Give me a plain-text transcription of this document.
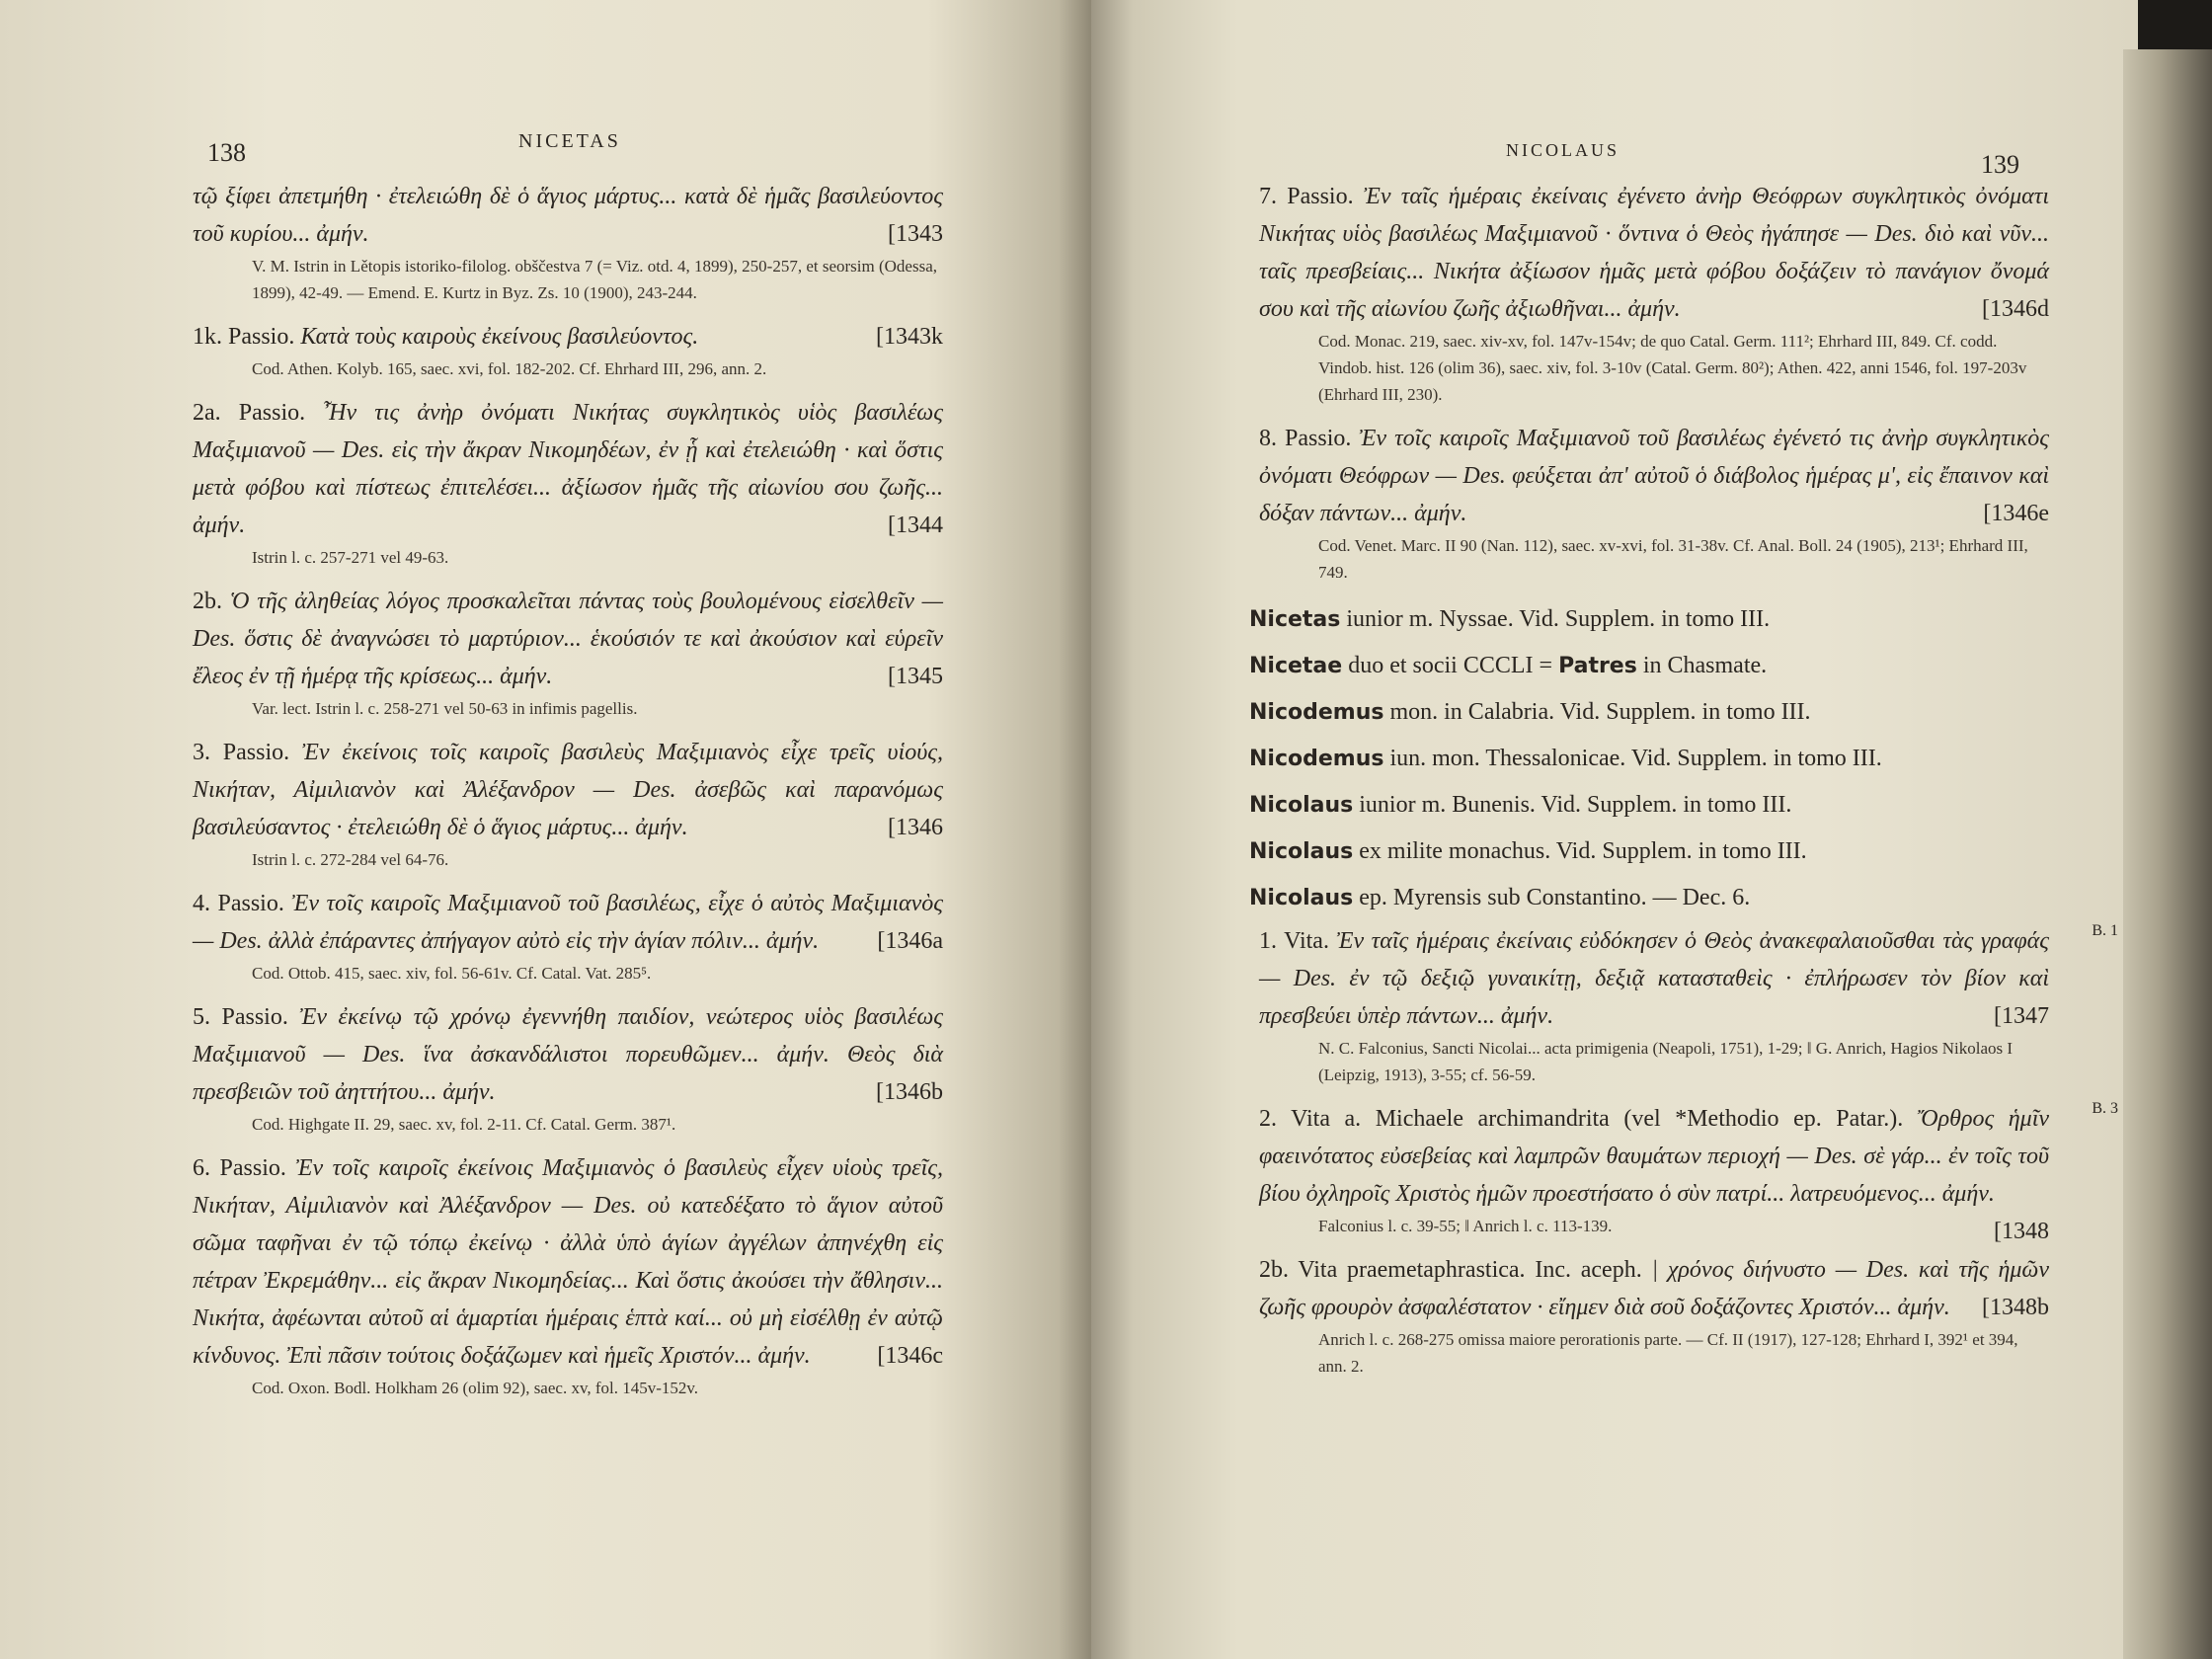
138	NICETAS
τῷ ξίφει ἀπετμήθη · ἐτελειώθη δὲ ὁ ἅγιος μάρτυς... κατὰ δὲ ἡμᾶς βασιλεύοντος τοῦ κυρίου... ἀμήν.	[1343
V. M. Istrin in Lětopis istoriko-filolog. obščestva 7 (= Viz. otd. 4, 1899), 250-257, et seorsim (Odessa, 1899), 42-49. — Emend. E. Kurtz in Byz. Zs. 10 (1900), 243-244.
1k. Passio. Κατὰ τοὺς καιροὺς ἐκείνους βασιλεύοντος.	[1343k
Cod. Athen. Kolyb. 165, saec. xvi, fol. 182-202. Cf. Ehrhard III, 296, ann. 2.
2a. Passio. Ἦν τις ἀνὴρ ὀνόματι Νικήτας συγκλητικὸς υἱὸς βασιλέως Μαξιμιανοῦ — Des. εἰς τὴν ἄκραν Νικομηδέων, ἐν ᾗ καὶ ἐτελειώθη · καὶ ὅστις μετὰ φόβου καὶ πίστεως ἐπιτελέσει... ἀξίωσον ἡμᾶς τῆς αἰωνίου σου ζωῆς... ἀμήν.	[1344
Istrin l. c. 257-271 vel 49-63.
2b. Ὁ τῆς ἀληθείας λόγος προσκαλεῖται πάντας τοὺς βουλομένους εἰσελθεῖν — Des. ὅστις δὲ ἀναγνώσει τὸ μαρτύριον... ἑκούσιόν τε καὶ ἀκούσιον καὶ εὑρεῖν ἔλεος ἐν τῇ ἡμέρᾳ τῆς κρίσεως... ἀμήν.	[1345
Var. lect. Istrin l. c. 258-271 vel 50-63 in infimis pagellis.
3. Passio. Ἐν ἐκείνοις τοῖς καιροῖς βασιλεὺς Μαξιμιανὸς εἶχε τρεῖς υἱούς, Νικήταν, Αἰμιλιανὸν καὶ Ἀλέξανδρον — Des. ἀσεβῶς καὶ παρανόμως βασιλεύσαντος · ἐτελειώθη δὲ ὁ ἅγιος μάρτυς... ἀμήν.	[1346
Istrin l. c. 272-284 vel 64-76.
4. Passio. Ἐν τοῖς καιροῖς Μαξιμιανοῦ τοῦ βασιλέως, εἶχε ὁ αὐτὸς Μαξιμιανὸς — Des. ἀλλὰ ἐπάραντες ἀπήγαγον αὐτὸ εἰς τὴν ἁγίαν πόλιν... ἀμήν. [1346a
Cod. Ottob. 415, saec. xiv, fol. 56-61v. Cf. Catal. Vat. 285⁵.
5. Passio. Ἐν ἐκείνῳ τῷ χρόνῳ ἐγεννήθη παιδίον, νεώτερος υἱὸς βασιλέως Μαξιμιανοῦ — Des. ἵνα ἀσκανδάλιστοι πορευθῶμεν... ἀμήν. Θεὸς διὰ πρεσβειῶν τοῦ ἀηττήτου... ἀμήν.	[1346b
Cod. Highgate II. 29, saec. xv, fol. 2-11. Cf. Catal. Germ. 387¹.
6. Passio. Ἐν τοῖς καιροῖς ἐκείνοις Μαξιμιανὸς ὁ βασιλεὺς εἶχεν υἱοὺς τρεῖς, Νικήταν, Αἰμιλιανὸν καὶ Ἀλέξανδρον — Des. οὐ κατεδέξατο τὸ ἅγιον αὐτοῦ σῶμα ταφῆναι ἐν τῷ τόπῳ ἐκείνῳ · ἀλλὰ ὑπὸ ἁγίων ἀγγέλων ἀπηνέχθη εἰς πέτραν Ἐκρεμάθην... εἰς ἄκραν Νικομηδείας... Καὶ ὅστις ἀκούσει τὴν ἄθλησιν... Νικήτα, ἀφέωνται αὐτοῦ αἱ ἁμαρτίαι ἡμέραις ἑπτὰ καί... οὐ μὴ εἰσέλθῃ ἐν αὐτῷ κίνδυνος. Ἐπὶ πᾶσιν τούτοις δοξάζωμεν καὶ ἡμεῖς Χριστόν... ἀμήν.	[1346c
Cod. Oxon. Bodl. Holkham 26 (olim 92), saec. xv, fol. 145v-152v.
NICOLAUS	139
7. Passio. Ἐν ταῖς ἡμέραις ἐκείναις ἐγένετο ἀνὴρ Θεόφρων συγκλητικὸς ὀνόματι Νικήτας υἱὸς βασιλέως Μαξιμιανοῦ · ὅντινα ὁ Θεὸς ἠγάπησε — Des. διὸ καὶ νῦν... ταῖς πρεσβείαις... Νικήτα ἀξίωσον ἡμᾶς μετὰ φόβου δοξάζειν τὸ πανάγιον ὄνομά σου καὶ τῆς αἰωνίου ζωῆς ἀξιωθῆναι... ἀμήν.	[1346d
Cod. Monac. 219, saec. xiv-xv, fol. 147v-154v; de quo Catal. Germ. 111²; Ehrhard III, 849. Cf. codd. Vindob. hist. 126 (olim 36), saec. xiv, fol. 3-10v (Catal. Germ. 80²); Athen. 422, anni 1546, fol. 197-203v (Ehrhard III, 230).
8. Passio. Ἐν τοῖς καιροῖς Μαξιμιανοῦ τοῦ βασιλέως ἐγένετό τις ἀνὴρ συγκλητικὸς ὀνόματι Θεόφρων — Des. φεύξεται ἀπ' αὐτοῦ ὁ διάβολος ἡμέρας μ', εἰς ἔπαινον καὶ δόξαν πάντων... ἀμήν.	[1346e
Cod. Venet. Marc. II 90 (Nan. 112), saec. xv-xvi, fol. 31-38v. Cf. Anal. Boll. 24 (1905), 213¹; Ehrhard III, 749.
Nicetas iunior m. Nyssae. Vid. Supplem. in tomo III.
Nicetae duo et socii CCCLI = Patres in Chasmate.
Nicodemus mon. in Calabria. Vid. Supplem. in tomo III.
Nicodemus iun. mon. Thessalonicae. Vid. Supplem. in tomo III.
Nicolaus iunior m. Bunenis. Vid. Supplem. in tomo III.
Nicolaus ex milite monachus. Vid. Supplem. in tomo III.
Nicolaus ep. Myrensis sub Constantino. — Dec. 6.
B. 1
1. Vita. Ἐν ταῖς ἡμέραις ἐκείναις εὐδόκησεν ὁ Θεὸς ἀνακεφαλαιοῦσθαι τὰς γραφάς — Des. ἐν τῷ δεξιῷ γυναικίτῃ, δεξιᾷ κατασταθεὶς · ἐπλήρωσεν τὸν βίον καὶ πρεσβεύει ὑπὲρ πάντων... ἀμήν.	[1347
N. C. Falconius, Sancti Nicolai... acta primigenia (Neapoli, 1751), 1-29; ‖ G. Anrich, Hagios Nikolaos I (Leipzig, 1913), 3-55; cf. 56-59.
B. 3
2. Vita a. Michaele archimandrita (vel *Methodio ep. Patar.). Ὄρθρος ἡμῖν φαεινότατος εὐσεβείας καὶ λαμπρῶν θαυμάτων περιοχή — Des. σὲ γάρ... ἐν τοῖς τοῦ βίου ὀχληροῖς Χριστὸς ἡμῶν προεστήσατο ὁ σὺν πατρί... λατρευόμενος... ἀμήν.
[1348
Falconius l. c. 39-55; ‖ Anrich l. c. 113-139.
2b. Vita praemetaphrastica. Inc. aceph. | χρόνος διήνυστο — Des. καὶ τῆς ἡμῶν ζωῆς φρουρὸν ἀσφαλέστατον · εἴημεν διὰ σοῦ δοξάζοντες Χριστόν... ἀμήν. [1348b
Anrich l. c. 268-275 omissa maiore perorationis parte. — Cf. II (1917), 127-128; Ehrhard I, 392¹ et 394, ann. 2.
